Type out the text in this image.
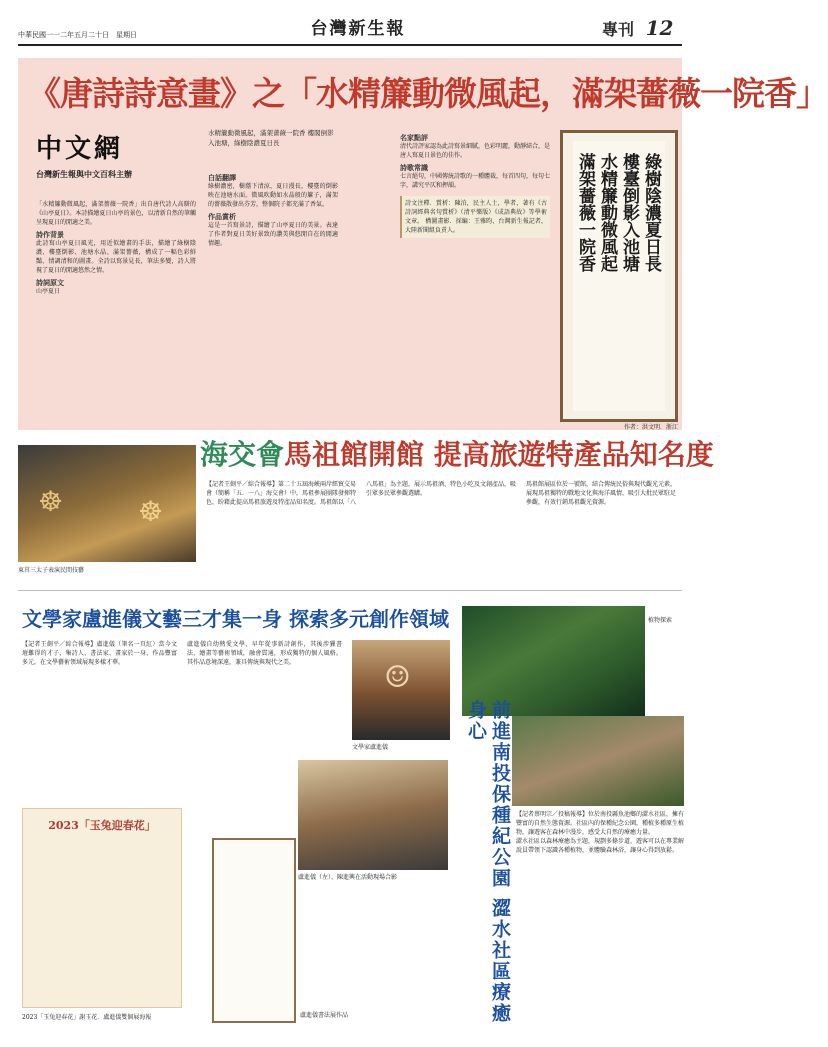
中華民國一一二年五月二十日　星期日	台灣新生報	專刊 12
《唐詩詩意畫》之「水精簾動微風起，滿架薔薇一院香」
中文網
台灣新生報與中文百科主辦
水精簾動微風起，滿架薔薇一院香 樓閣倒影入池塘，綠樹陰濃夏日長
「水精簾動微風起，滿架薔薇一院香」出自唐代詩人高駢的《山亭夏日》。本詩描繪夏日山亭的景色，以清新自然的筆觸呈現夏日的閒適之美。
詩作背景
此詩寫山亭夏日風光，用近似繪畫的手法，描繪了綠樹陰濃、樓臺倒影、池塘水晶、滿架薔薇，構成了一幅色彩鮮豔、情調清和的圖畫。全詩以寫景見長，筆法多變，詩人將視了夏日的閒適悠然之情。
詩詞原文
山亭夏日
白話翻譯
綠樹濃密，樹蔭下清涼，夏日漫長，樓臺的倒影映在池塘水面。微風吹動如水晶般的簾子，滿架的薔薇散發出芬芳，整個院子都充滿了香氣。
作品賞析
這是一首寫景詩，描繪了山亭夏日的美景。表達了作者對夏日美好景致的讚美與悠閒自在的閒適情趣。
名家點評
清代詩評家認為此詩寫景細膩，色彩明麗，動靜結合，是唐人寫夏日景色的佳作。
詩歌常識
七言絕句，中國傳統詩歌的一種體裁，每首四句，每句七字，講究平仄和押韻。
詩文注釋．賞析：陳泊，民主人士，學者，著有《古詩詞經典名句賞析》（清平樂版）《成語典故》等學術文章。 構圖畫影．採編：王雅昀，台灣新生報記者，大陸新聞組負責人。	綠樹陰濃夏日長
樓臺倒影入池塘
水精簾動微風起
滿架薔薇一院香
作者：洪文明．浙江
海交會馬祖館開館 提高旅遊特產品知名度
☸	☸
東莒三太子表演民間技藝
【記者王劍平／綜合報導】第二十五屆海峽兩岸經貿交易會（簡稱「五．一八」海交會）中，馬祖參展團隊發揮特色，盼藉此提高馬祖旅遊及特產品知名度。馬祖館以「八八馬祖」為主題，展示馬祖酒、特色小吃及文創產品，吸引眾多民眾參觀選購。
馬祖館展區位於一號館，結合傳統民俗與現代觀光元素，展現馬祖獨特的戰地文化與海洋風情，吸引大批民眾駐足參觀，有效行銷馬祖觀光資源。
文學家盧進儀文藝三才集一身 探索多元創作領域
【記者王劍平／綜合報導】盧進儀（筆名一頁紅）當今文壇難得的才子，集詩人、書法家、畫家於一身，作品豐富多元，在文學藝術領域展現多樣才華。
盧進儀自幼熱愛文學，早年從事新詩創作，其後涉獵書法、繪畫等藝術領域，融會貫通，形成獨特的個人風格。其作品意境深遠，兼具傳統與現代之美。	☺
文學家盧進儀
盧進儀（左）、陳進興在活動現場合影
2023「玉兔迎春花」
2023「玉兔迎春花」謝玉花．盧進儀雙個展海報	盧進儀書法展作品
植物探索
前進南投保種紀公園 澀水社區療癒身心
【記者蔡明宗／投稿報導】位於南投縣魚池鄉的澀水社區，擁有豐富的自然生態資源。社區內的保種紀念公園，種植多種原生植物，讓遊客在森林中漫步，感受大自然的療癒力量。
澀水社區以森林療癒為主題，規劃多條步道，遊客可以在專業解說員帶領下認識各種植物，並體驗森林浴，讓身心得到放鬆。
